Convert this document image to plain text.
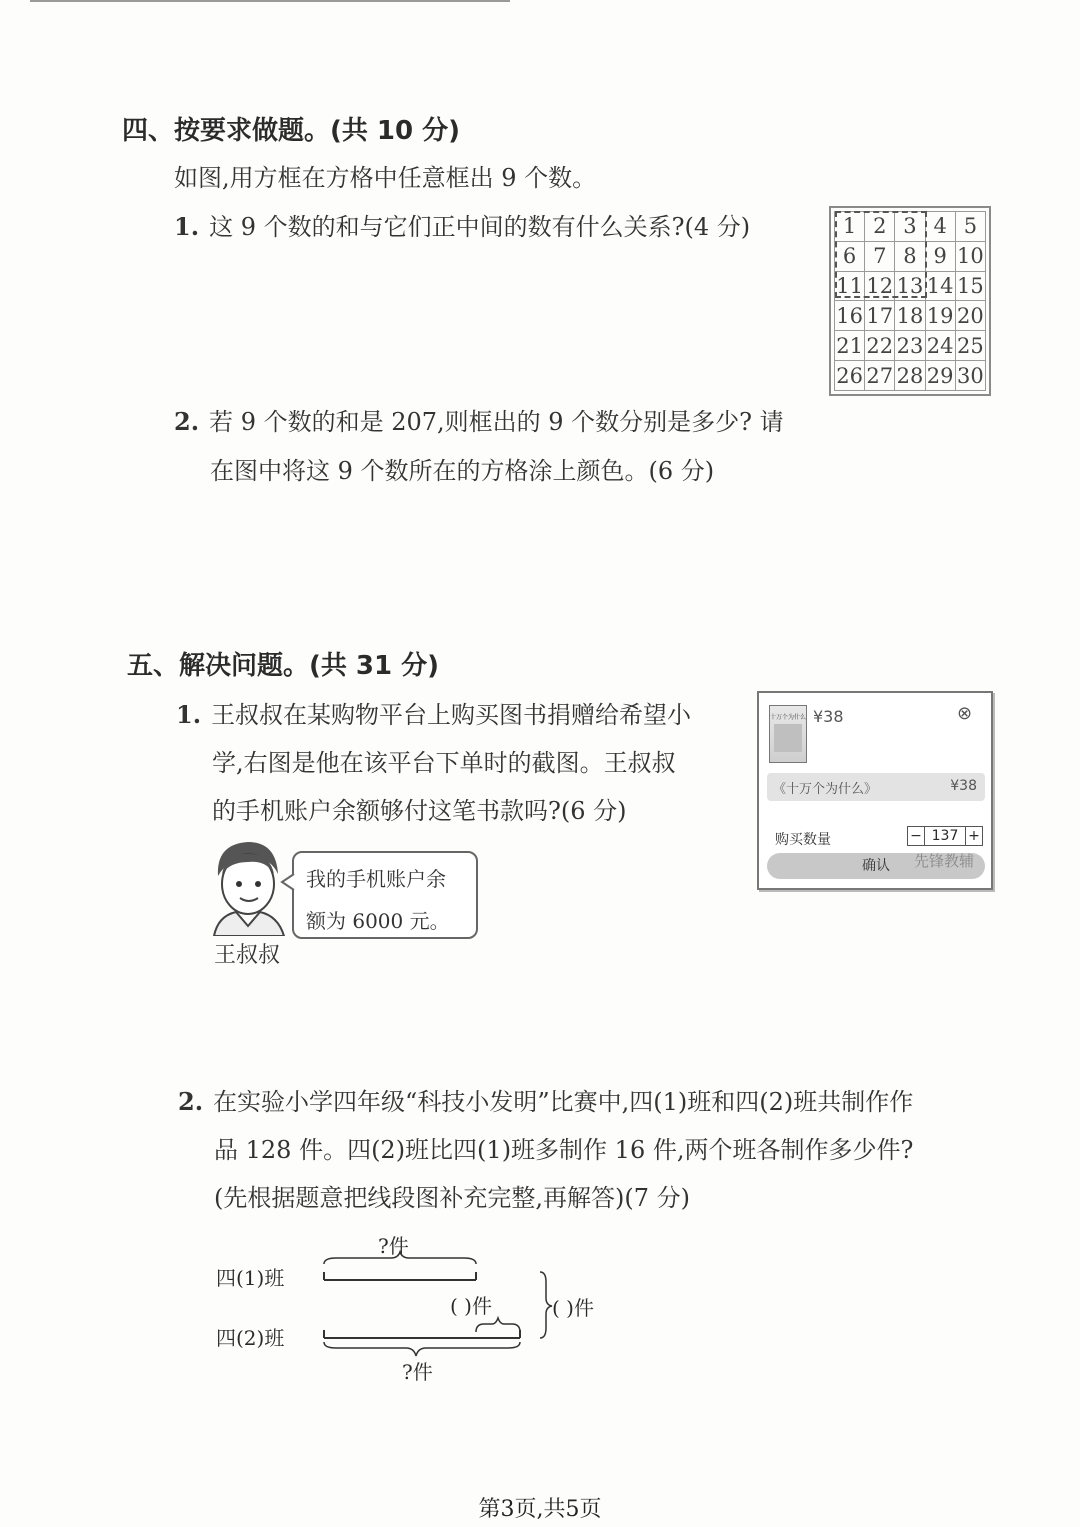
四、按要求做题。(共 10 分)
如图,用方框在方格中任意框出 9 个数。
1. 这 9 个数的和与它们正中间的数有什么关系?(4 分)	1	2	3	4	5
6	7	8	9	10
11	12	13	14	15
16	17	18	19	20
21	22	23	24	25
26	27	28	29	30
2. 若 9 个数的和是 207,则框出的 9 个数分别是多少? 请
在图中将这 9 个数所在的方格涂上颜色。(6 分)
五、解决问题。(共 31 分)
1. 王叔叔在某购物平台上购买图书捐赠给希望小
学,右图是他在该平台下单时的截图。王叔叔
的手机账户余额够付这笔书款吗?(6 分)
十万个为什么 ¥38	⊗
《十万个为什么》	¥38
购买数量	− 137 +
确认	先锋教辅
王叔叔
我的手机账户余
额为 6000 元。
2. 在实验小学四年级“科技小发明”比赛中,四(1)班和四(2)班共制作作
品 128 件。四(2)班比四(1)班多制作 16 件,两个班各制作多少件?
(先根据题意把线段图补充完整,再解答)(7 分)
四(1)班
四(2)班
?件
?件
( )件	( )件
第3页,共5页
